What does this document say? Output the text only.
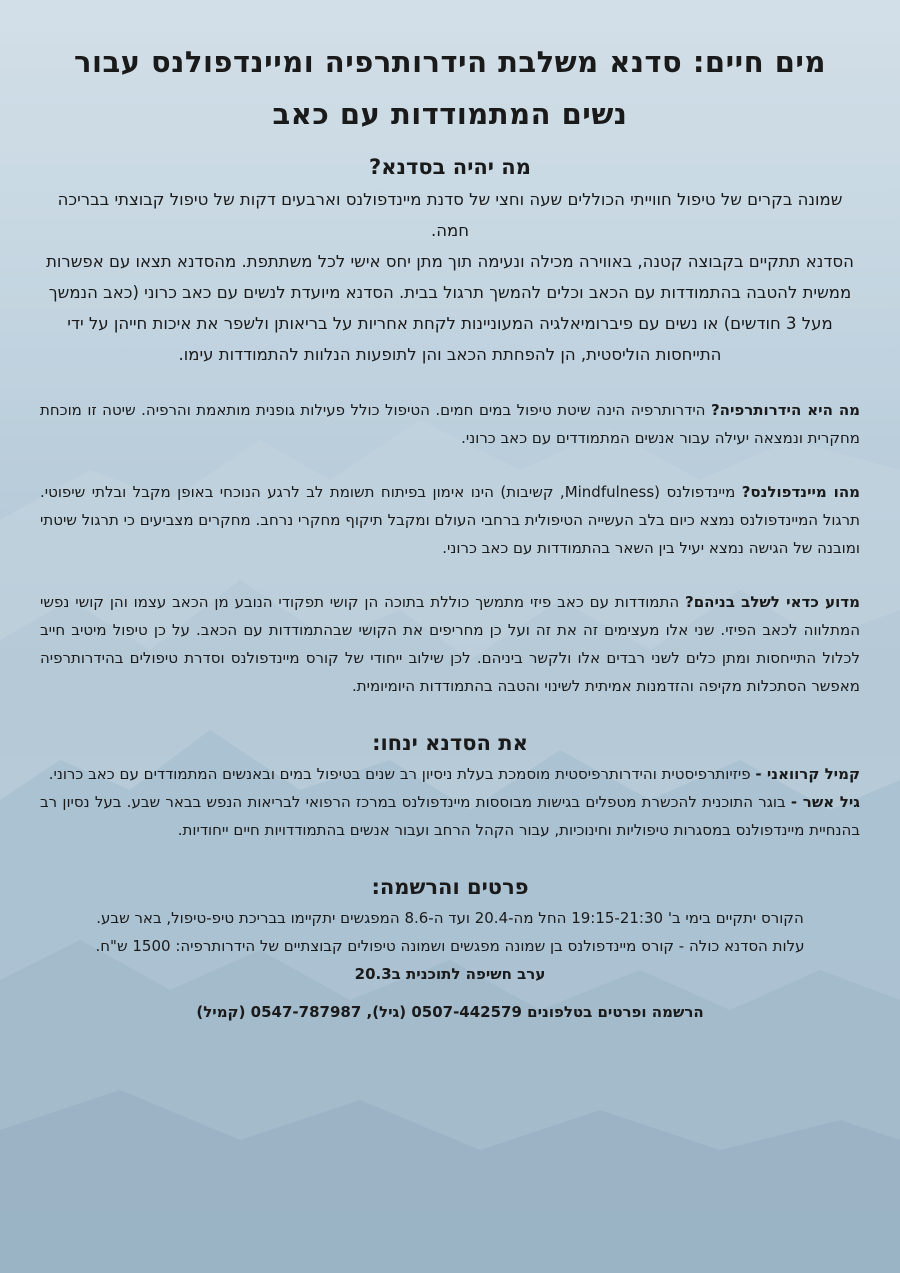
מים חיים: סדנא משלבת הידרותרפיה ומיינדפולנס עבור
נשים המתמודדות עם כאב
מה יהיה בסדנא?

שמונה בקרים של טיפול חווייתי הכוללים שעה וחצי של סדנת מיינדפולנס וארבעים דקות של טיפול קבוצתי בבריכה חמה.

הסדנא תתקיים בקבוצה קטנה, באווירה מכילה ונעימה תוך מתן יחס אישי לכל משתתפת. מהסדנא תצאו עם אפשרות ממשית להטבה בהתמודדות עם הכאב וכלים להמשך תרגול בבית. הסדנא מיועדת לנשים עם כאב כרוני (כאב הנמשך מעל 3 חודשים) או נשים עם פיברומיאלגיה המעוניינות לקחת אחריות על בריאותן ולשפר את איכות חייהן על ידי התייחסות הוליסטית, הן להפחתת הכאב והן לתופעות הנלוות להתמודדות עימו.

מה היא הידרותרפיה? הידרותרפיה הינה שיטת טיפול במים חמים. הטיפול כולל פעילות גופנית מותאמת והרפיה. שיטה זו מוכחת מחקרית ונמצאה יעילה עבור אנשים המתמודדים עם כאב כרוני.

מהו מיינדפולנס? מיינדפולנס (Mindfulness, קשיבות) הינו אימון בפיתוח תשומת לב לרגע הנוכחי באופן מקבל ובלתי שיפוטי. תרגול המיינדפולנס נמצא כיום בלב העשייה הטיפולית ברחבי העולם ומקבל תיקוף מחקרי נרחב. מחקרים מצביעים כי תרגול שיטתי ומובנה של הגישה נמצא יעיל בין השאר בהתמודדות עם כאב כרוני.

מדוע כדאי לשלב בניהם? התמודדות עם כאב פיזי מתמשך כוללת בתוכה הן קושי תפקודי הנובע מן הכאב עצמו והן קושי נפשי המתלווה לכאב הפיזי. שני אלו מעצימים זה את זה ועל כן מחריפים את הקושי שבהתמודדות עם הכאב. על כן טיפול מיטיב חייב לכלול התייחסות ומתן כלים לשני רבדים אלו ולקשר ביניהם. לכן שילוב ייחודי של קורס מיינדפולנס וסדרת טיפולים בהידרותרפיה מאפשר הסתכלות מקיפה והזדמנות אמיתית לשינוי והטבה בהתמודדות היומיומית.

את הסדנא ינחו:

קמיל קרוואני - פיזיותרפיסטית והידרותרפיסטית מוסמכת בעלת ניסיון רב שנים בטיפול במים ובאנשים המתמודדים עם כאב כרוני.

גיל אשר - בוגר התוכנית להכשרת מטפלים בגישות מבוססות מיינדפולנס במרכז הרפואי לבריאות הנפש בבאר שבע. בעל נסיון רב בהנחיית מיינדפולנס במסגרות טיפוליות וחינוכיות, עבור הקהל הרחב ועבור אנשים בהתמודדויות חיים ייחודיות.

פרטים והרשמה:

הקורס יתקיים בימי ב' 19:15-21:30 החל מה-20.4 ועד ה-8.6 המפגשים יתקיימו בבריכת טיפ-טיפול, באר שבע.

עלות הסדנא כולה - קורס מיינדפולנס בן שמונה מפגשים ושמונה טיפולים קבוצתיים של הידרותרפיה: 1500 ש"ח.

ערב חשיפה לתוכנית ב20.3

הרשמה ופרטים בטלפונים 0507-442579 (גיל), 0547-787987 (קמיל)
